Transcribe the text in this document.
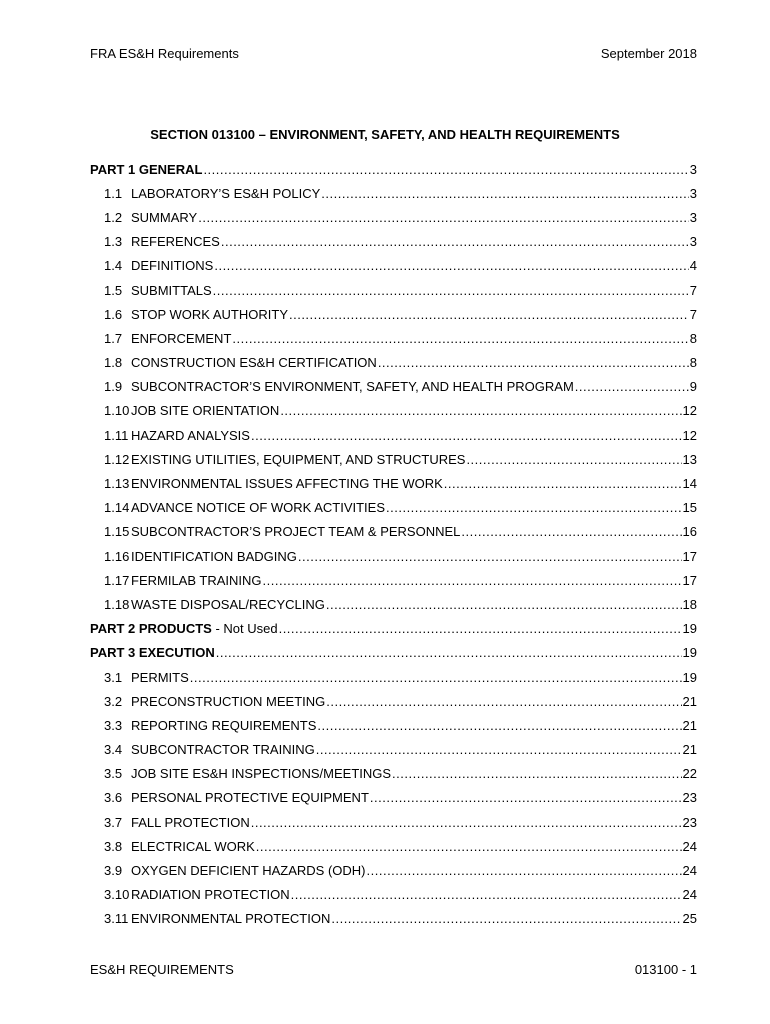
FRA ES&H Requirements	September 2018
SECTION 013100 – ENVIRONMENT, SAFETY, AND HEALTH REQUIREMENTS
PART 1 GENERAL .....	3
1.1 LABORATORY’S ES&H POLICY .....	3
1.2 SUMMARY .....	3
1.3 REFERENCES .....	3
1.4 DEFINITIONS .....	4
1.5 SUBMITTALS .....	7
1.6 STOP WORK AUTHORITY .....	7
1.7 ENFORCEMENT .....	8
1.8 CONSTRUCTION ES&H CERTIFICATION .....	8
1.9 SUBCONTRACTOR’S ENVIRONMENT, SAFETY, AND HEALTH PROGRAM .....	9
1.10 JOB SITE ORIENTATION .....	12
1.11 HAZARD ANALYSIS .....	12
1.12 EXISTING UTILITIES, EQUIPMENT, AND STRUCTURES .....	13
1.13 ENVIRONMENTAL ISSUES AFFECTING THE WORK .....	14
1.14 ADVANCE NOTICE OF WORK ACTIVITIES .....	15
1.15 SUBCONTRACTOR’S PROJECT TEAM & PERSONNEL .....	16
1.16 IDENTIFICATION BADGING .....	17
1.17 FERMILAB TRAINING .....	17
1.18 WASTE DISPOSAL/RECYCLING .....	18
PART 2 PRODUCTS - Not Used .....	19
PART 3 EXECUTION .....	19
3.1 PERMITS .....	19
3.2 PRECONSTRUCTION MEETING .....	21
3.3 REPORTING REQUIREMENTS .....	21
3.4 SUBCONTRACTOR TRAINING .....	21
3.5 JOB SITE ES&H INSPECTIONS/MEETINGS .....	22
3.6 PERSONAL PROTECTIVE EQUIPMENT .....	23
3.7 FALL PROTECTION .....	23
3.8 ELECTRICAL WORK .....	24
3.9 OXYGEN DEFICIENT HAZARDS (ODH) .....	24
3.10 RADIATION PROTECTION .....	24
3.11 ENVIRONMENTAL PROTECTION .....	25
ES&H REQUIREMENTS	013100 - 1
